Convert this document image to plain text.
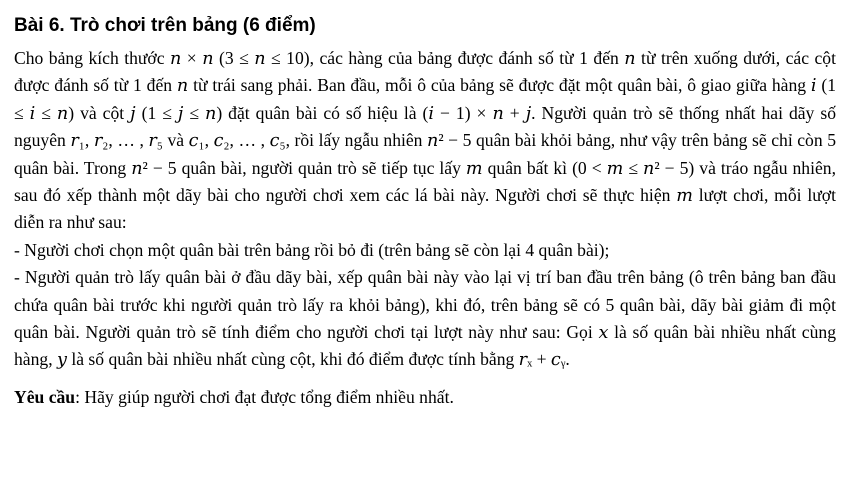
Bài 6. Trò chơi trên bảng (6 điểm)

Cho bảng kích thước 𝑛 × 𝑛 (3 ≤ 𝑛 ≤ 10), các hàng của bảng được đánh số từ 1 đến 𝑛 từ trên xuống dưới, các cột được đánh số từ 1 đến 𝑛 từ trái sang phải. Ban đầu, mỗi ô của bảng sẽ được đặt một quân bài, ô giao giữa hàng 𝑖 (1 ≤ 𝑖 ≤ 𝑛) và cột 𝑗 (1 ≤ 𝑗 ≤ 𝑛) đặt quân bài có số hiệu là (𝑖 − 1) × 𝑛 + 𝑗. Người quản trò sẽ thống nhất hai dãy số nguyên 𝑟₁, 𝑟₂, … , 𝑟₅ và 𝑐₁, 𝑐₂, … , 𝑐₅, rồi lấy ngẫu nhiên 𝑛² − 5 quân bài khỏi bảng, như vậy trên bảng sẽ chỉ còn 5 quân bài. Trong 𝑛² − 5 quân bài, người quản trò sẽ tiếp tục lấy 𝑚 quân bất kì (0 < 𝑚 ≤ 𝑛² − 5) và tráo ngẫu nhiên, sau đó xếp thành một dãy bài cho người chơi xem các lá bài này. Người chơi sẽ thực hiện 𝑚 lượt chơi, mỗi lượt diễn ra như sau:

- Người chơi chọn một quân bài trên bảng rồi bỏ đi (trên bảng sẽ còn lại 4 quân bài);

- Người quản trò lấy quân bài ở đầu dãy bài, xếp quân bài này vào lại vị trí ban đầu trên bảng (ô trên bảng ban đầu chứa quân bài trước khi người quản trò lấy ra khỏi bảng), khi đó, trên bảng sẽ có 5 quân bài, dãy bài giảm đi một quân bài. Người quản trò sẽ tính điểm cho người chơi tại lượt này như sau: Gọi 𝑥 là số quân bài nhiều nhất cùng hàng, 𝑦 là số quân bài nhiều nhất cùng cột, khi đó điểm được tính bằng 𝑟ₓ + 𝑐ᵧ.

Yêu cầu: Hãy giúp người chơi đạt được tổng điểm nhiều nhất.
